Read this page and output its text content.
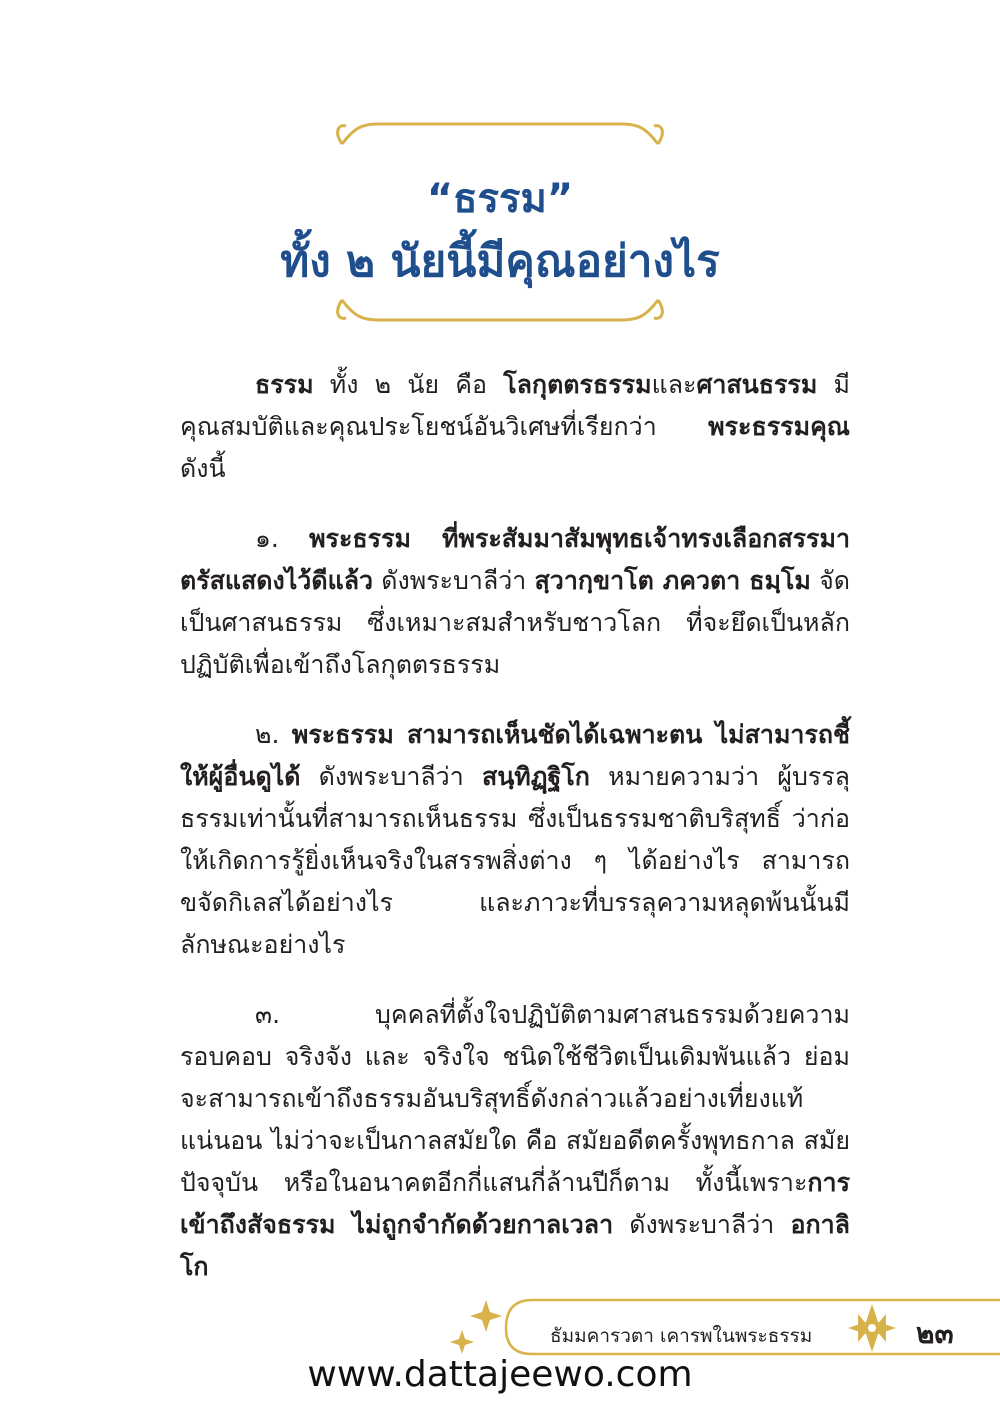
“ธรรม”
ทั้ง ๒ นัยนี้มีคุณอย่างไร

ธรรม ทั้ง ๒ นัย คือ โลกุตตรธรรมและศาสนธรรม มีคุณสมบัติและคุณประโยชน์อันวิเศษที่เรียกว่า พระธรรมคุณ ดังนี้

๑. พระธรรม ที่พระสัมมาสัมพุทธเจ้าทรงเลือกสรรมาตรัสแสดงไว้ดีแล้ว ดังพระบาลีว่า สฺวากฺขาโต ภควตา ธมฺโม จัดเป็นศาสนธรรม ซึ่งเหมาะสมสำหรับชาวโลก ที่จะยึดเป็นหลักปฏิบัติเพื่อเข้าถึงโลกุตตรธรรม

๒. พระธรรม สามารถเห็นชัดได้เฉพาะตน ไม่สามารถชี้ให้ผู้อื่นดูได้ ดังพระบาลีว่า สนฺทิฏฺฐิโก หมายความว่า ผู้บรรลุธรรมเท่านั้นที่สามารถเห็นธรรม ซึ่งเป็นธรรมชาติบริสุทธิ์ ว่าก่อให้เกิดการรู้ยิ่งเห็นจริงในสรรพสิ่งต่าง ๆ ได้อย่างไร สามารถขจัดกิเลสได้อย่างไร และภาวะที่บรรลุความหลุดพ้นนั้นมีลักษณะอย่างไร

๓. บุคคลที่ตั้งใจปฏิบัติตามศาสนธรรมด้วยความรอบคอบ จริงจัง และ จริงใจ ชนิดใช้ชีวิตเป็นเดิมพันแล้ว ย่อมจะสามารถเข้าถึงธรรมอันบริสุทธิ์ดังกล่าวแล้วอย่างเที่ยงแท้แน่นอน ไม่ว่าจะเป็นกาลสมัยใด คือ สมัยอดีตครั้งพุทธกาล สมัยปัจจุบัน หรือในอนาคตอีกกี่แสนกี่ล้านปีก็ตาม ทั้งนี้เพราะการเข้าถึงสัจธรรม ไม่ถูกจำกัดด้วยกาลเวลา ดังพระบาลีว่า อกาลิโก

ธัมมคารวตา เคารพในพระธรรม	๒๓
www.dattajeewo.com
